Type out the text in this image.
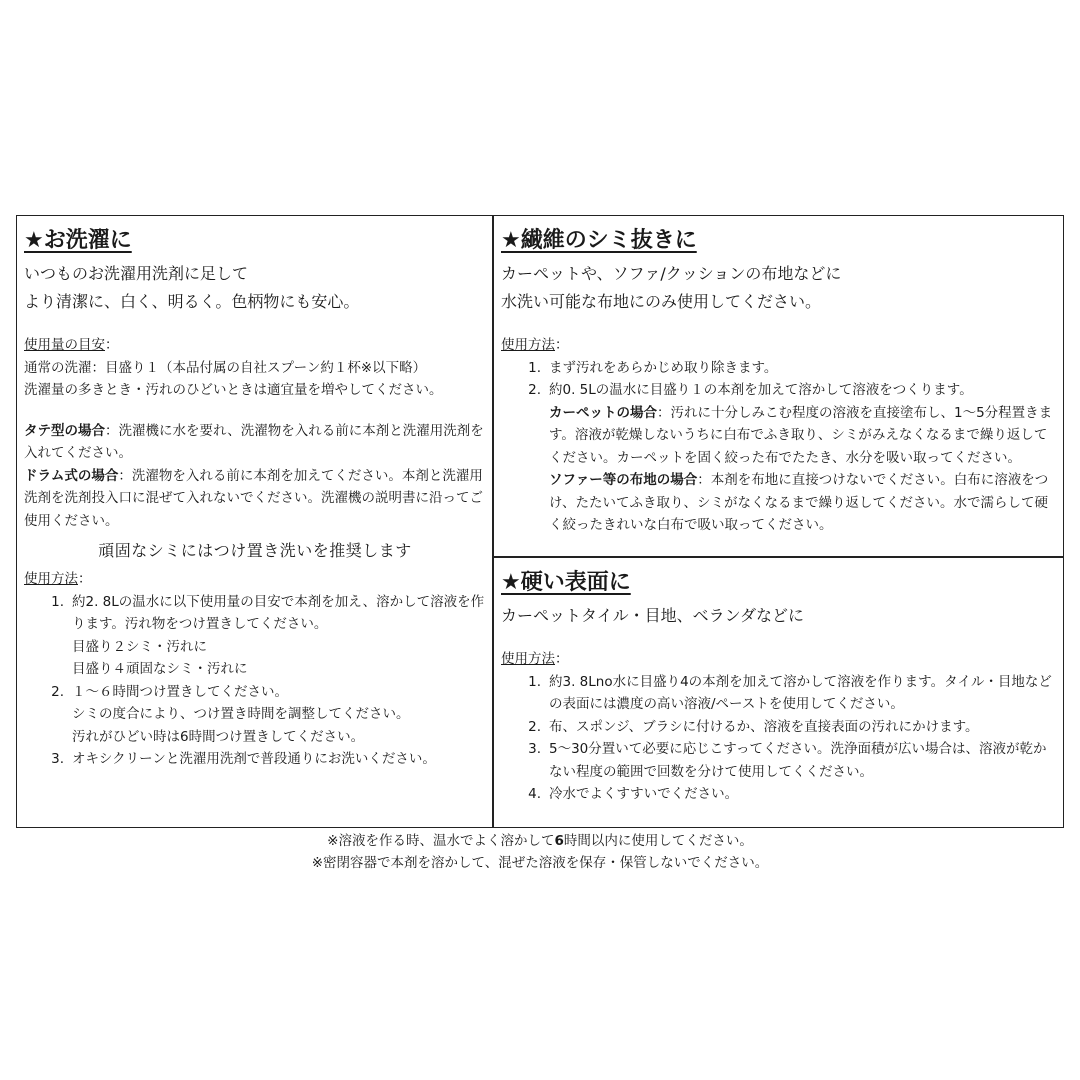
★お洗濯に
いつものお洗濯用洗剤に足して
より清潔に、白く、明るく。色柄物にも安心。
使用量の目安：
通常の洗濯：目盛り１（本品付属の自社スプーン約１杯※以下略）
洗濯量の多きとき・汚れのひどいときは適宜量を増やしてください。
タテ型の場合：洗濯機に水を要れ、洗濯物を入れる前に本剤と洗濯用洗剤を入れてください。
ドラム式の場合：洗濯物を入れる前に本剤を加えてください。本剤と洗濯用洗剤を洗剤投入口に混ぜて入れないでください。洗濯機の説明書に沿ってご使用ください。
頑固なシミにはつけ置き洗いを推奨します
使用方法：
1. 約2. 8Lの温水に以下使用量の目安で本剤を加え、溶かして溶液を作ります。汚れ物をつけ置きしてください。
目盛り２シミ・汚れに
目盛り４頑固なシミ・汚れに
2. １～６時間つけ置きしてください。
シミの度合により、つけ置き時間を調整してください。
汚れがひどい時は6時間つけ置きしてください。
3. オキシクリーンと洗濯用洗剤で普段通りにお洗いください。
★繊維のシミ抜きに
カーペットや、ソファ/クッションの布地などに
水洗い可能な布地にのみ使用してください。
使用方法：
1. まず汚れをあらかじめ取り除きます。
2. 約0. 5Lの温水に目盛り１の本剤を加えて溶かして溶液をつくります。
カーペットの場合：汚れに十分しみこむ程度の溶液を直接塗布し、1～5分程置きます。溶液が乾燥しないうちに白布でふき取り、シミがみえなくなるまで繰り返してください。カーペットを固く絞った布でたたき、水分を吸い取ってください。
ソファー等の布地の場合：本剤を布地に直接つけないでください。白布に溶液をつけ、たたいてふき取り、シミがなくなるまで繰り返してください。水で濡らして硬く絞ったきれいな白布で吸い取ってください。
★硬い表面に
カーペットタイル・目地、ベランダなどに
使用方法：
1. 約3. 8Lno水に目盛り4の本剤を加えて溶かして溶液を作ります。タイル・目地などの表面には濃度の高い溶液/ペーストを使用してください。
2. 布、スポンジ、ブラシに付けるか、溶液を直接表面の汚れにかけます。
3. 5～30分置いて必要に応じこすってください。洗浄面積が広い場合は、溶液が乾かない程度の範囲で回数を分けて使用してくください。
4. 冷水でよくすすいでください。
※溶液を作る時、温水でよく溶かして6時間以内に使用してください。
※密閉容器で本剤を溶かして、混ぜた溶液を保存・保管しないでください。
